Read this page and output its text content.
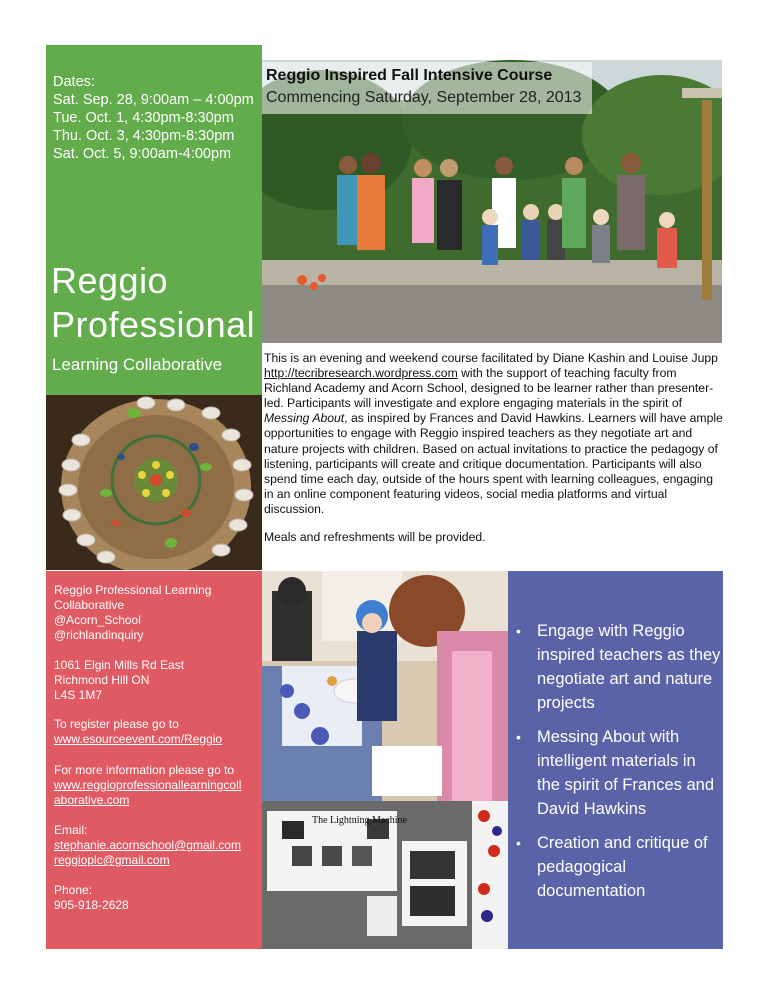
Dates:
Sat. Sep. 28, 9:00am – 4:00pm
Tue. Oct. 1, 4:30pm-8:30pm
Thu. Oct. 3, 4:30pm-8:30pm
Sat. Oct. 5, 9:00am-4:00pm
Reggio
Professional
Learning Collaborative
Reggio Inspired Fall Intensive Course
Commencing Saturday, September 28, 2013
This is an evening and weekend course facilitated by Diane Kashin and Louise Jupp http://tecribresearch.wordpress.com with the support of teaching faculty from Richland Academy and Acorn School, designed to be learner rather than presenter-led. Participants will investigate and explore engaging materials in the spirit of Messing About, as inspired by Frances and David Hawkins. Learners will have ample opportunities to engage with Reggio inspired teachers as they negotiate art and nature projects with children. Based on actual invitations to practice the pedagogy of listening, participants will create and critique documentation. Participants will also spend time each day, outside of the hours spent with learning colleagues, engaging in an online component featuring videos, social media platforms and virtual discussion.
Meals and refreshments will be provided.
Reggio Professional Learning
Collaborative
@Acorn_School
@richlandinquiry
1061 Elgin Mills Rd East
Richmond Hill ON
L4S 1M7
To register please go to
www.esourceevent.com/Reggio
For more information please go to
www.reggioprofessionallearningcoll
aborative.com
Email:
stephanie.acornschool@gmail.com
reggioplc@gmail.com
Phone:
905-918-2628
The Lightning Machine
• Engage with Reggio inspired teachers as they negotiate art and nature projects
• Messing About with intelligent materials in the spirit of Frances and David Hawkins
• Creation and critique of pedagogical documentation
